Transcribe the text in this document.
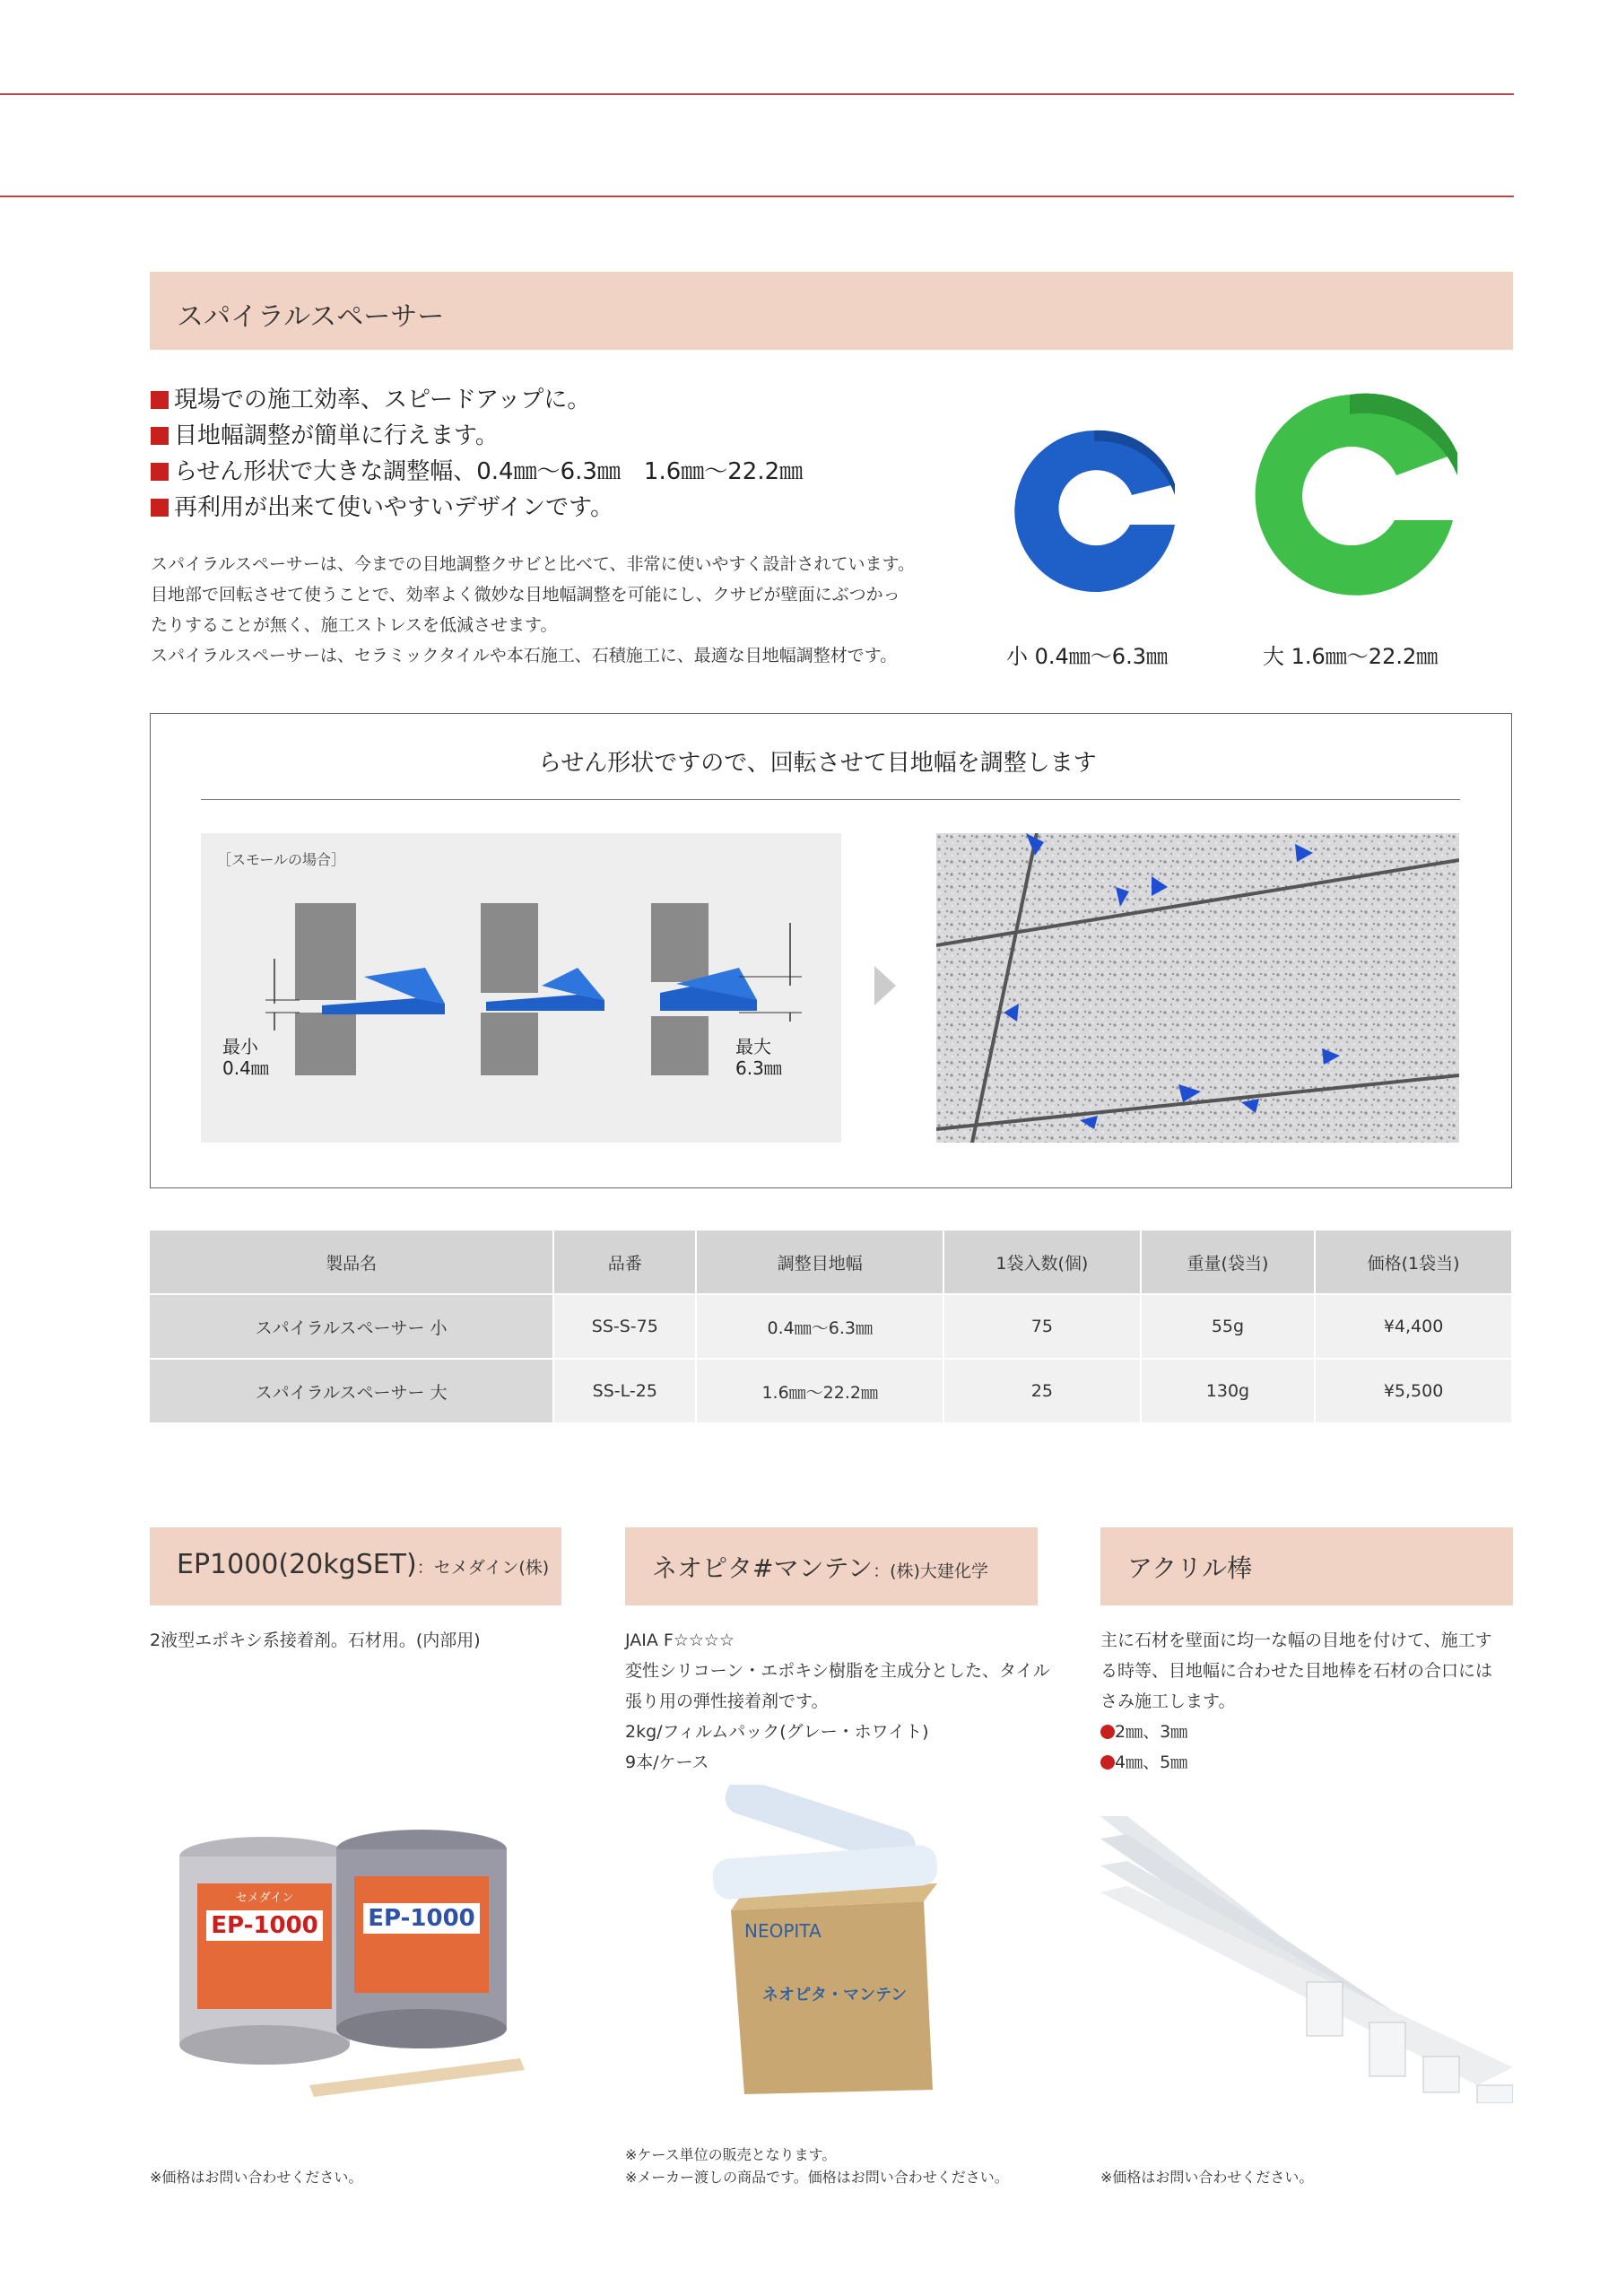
スパイラルスペーサー
現場での施工効率、スピードアップに。
目地幅調整が簡単に行えます。
らせん形状で大きな調整幅、0.4㎜～6.3㎜　1.6㎜～22.2㎜
再利用が出来て使いやすいデザインです。
スパイラルスペーサーは、今までの目地調整クサビと比べて、非常に使いやすく設計されています。
目地部で回転させて使うことで、効率よく微妙な目地幅調整を可能にし、クサビが壁面にぶつかっ
たりすることが無く、施工ストレスを低減させます。
スパイラルスペーサーは、セラミックタイルや本石施工、石積施工に、最適な目地幅調整材です。	小 0.4㎜～6.3㎜	大 1.6㎜～22.2㎜
らせん形状ですので、回転させて目地幅を調整します
［スモールの場合］
最小
0.4㎜
最大
6.3㎜
製品名	品番	調整目地幅	1袋入数(個)	重量(袋当)	価格(1袋当)
スパイラルスペーサー 小	SS-S-75	0.4㎜～6.3㎜	75	55g	¥4,400
スパイラルスペーサー 大	SS-L-25	1.6㎜～22.2㎜	25	130g	¥5,500
EP1000(20kgSET)：セメダイン(株)
2液型エポキシ系接着剤。石材用。(内部用)
EP-1000
セメダイン
EP-1000
※価格はお問い合わせください。
ネオピタ#マンテン：(株)大建化学
JAIA F☆☆☆☆
変性シリコーン・エポキシ樹脂を主成分とした、タイル
張り用の弾性接着剤です。
2kg/フィルムパック(グレー・ホワイト)
9本/ケース
NEOPITA
ネオピタ・マンテン
※ケース単位の販売となります。
※メーカー渡しの商品です。価格はお問い合わせください。
アクリル棒
主に石材を壁面に均一な幅の目地を付けて、施工す
る時等、目地幅に合わせた目地棒を石材の合口には
さみ施工します。
2㎜、3㎜
4㎜、5㎜
※価格はお問い合わせください。
